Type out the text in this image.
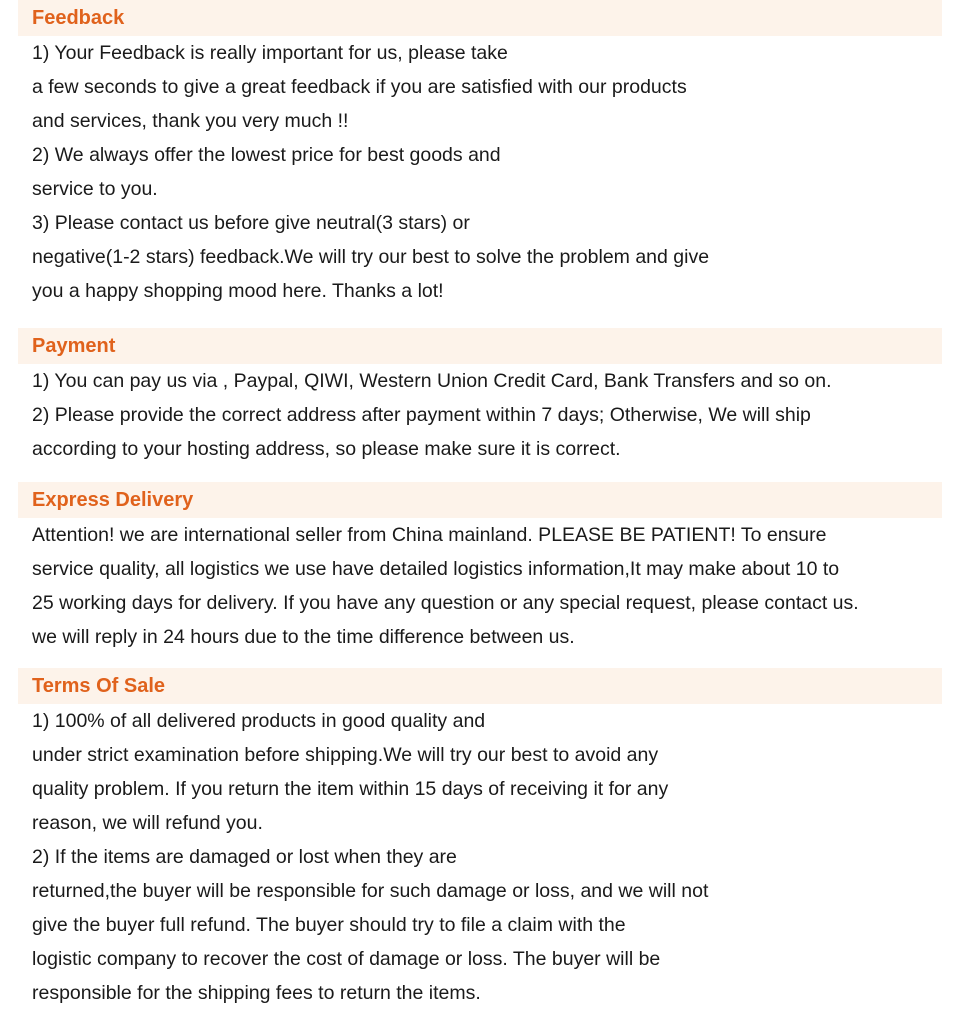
Feedback
1) Your Feedback is really important for us, please take
a few seconds to give a great feedback if you are satisfied with our products
and services, thank you very much !!
2) We always offer the lowest price for best goods and
service to you.
3) Please contact us before give neutral(3 stars) or
negative(1-2 stars) feedback.We will try our best to solve the problem and give
you a happy shopping mood here. Thanks a lot!
Payment
1) You can pay us via , Paypal, QIWI, Western Union Credit Card, Bank Transfers and so on.
2) Please provide the correct address after payment within 7 days; Otherwise, We will ship
according to your hosting address, so please make sure it is correct.
Express Delivery
Attention! we are international seller from China mainland. PLEASE BE PATIENT! To ensure
service quality, all logistics we use have detailed logistics information,It may make about 10 to
25 working days for delivery. If you have any question or any special request, please contact us.
we will reply in 24 hours due to the time difference between us.
Terms Of Sale
1) 100% of all delivered products in good quality and
under strict examination before shipping.We will try our best to avoid any
quality problem. If you return the item within 15 days of receiving it for any
reason, we will refund you.
2) If the items are damaged or lost when they are
returned,the buyer will be responsible for such damage or loss, and we will not
give the buyer full refund. The buyer should try to file a claim with the
logistic company to recover the cost of damage or loss. The buyer will be
responsible for the shipping fees to return the items.
